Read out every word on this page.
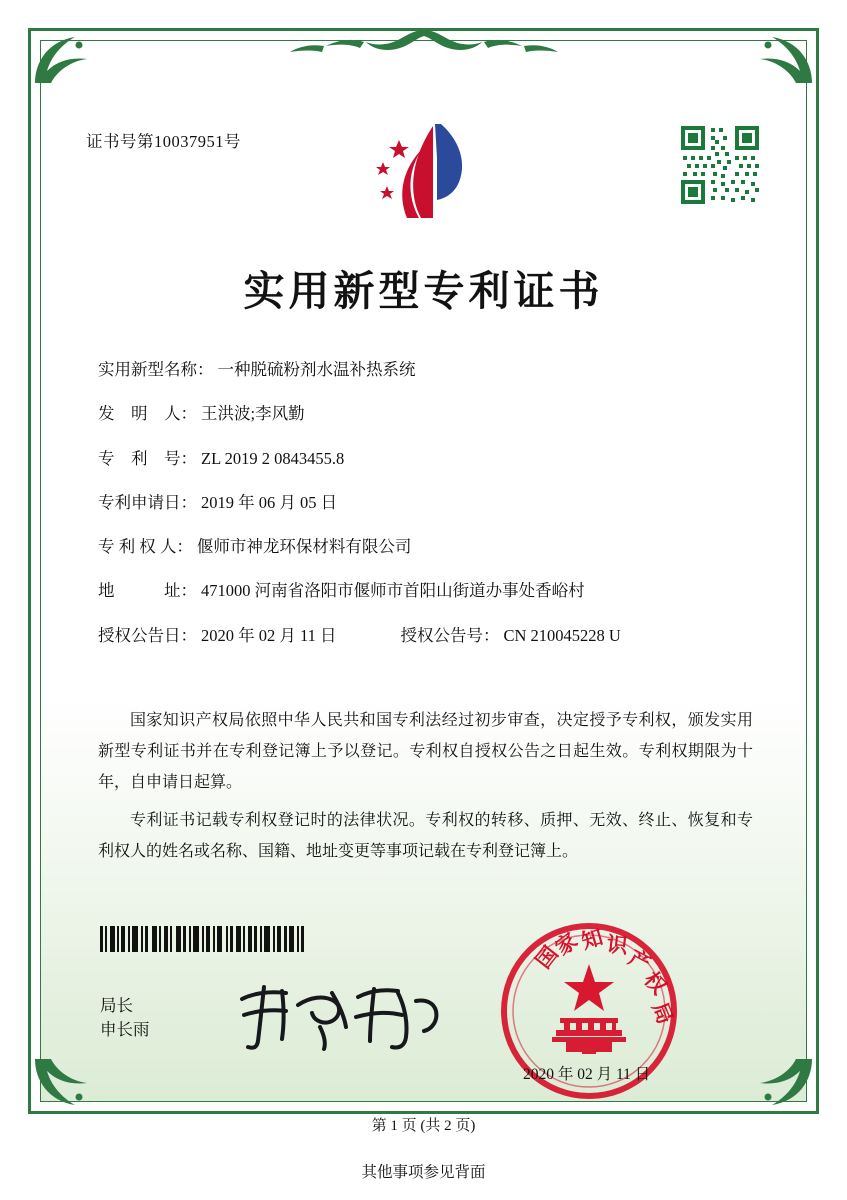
证书号第10037951号
实用新型专利证书
实用新型名称： 一种脱硫粉剂水温补热系统
发　明　人： 王洪波;李风勤
专　利　号： ZL 2019 2 0843455.8
专利申请日： 2019 年 06 月 05 日
专 利 权 人： 偃师市神龙环保材料有限公司
地　　　址： 471000 河南省洛阳市偃师市首阳山街道办事处香峪村
授权公告日： 2020 年 02 月 11 日	授权公告号： CN 210045228 U

国家知识产权局依照中华人民共和国专利法经过初步审查，决定授予专利权，颁发实用新型专利证书并在专利登记簿上予以登记。专利权自授权公告之日起生效。专利权期限为十年，自申请日起算。

专利证书记载专利权登记时的法律状况。专利权的转移、质押、无效、终止、恢复和专利权人的姓名或名称、国籍、地址变更等事项记载在专利登记簿上。

局长
申长雨
国
家
知 识
产
权
局
2020 年 02 月 11 日
第 1 页 (共 2 页)
其他事项参见背面
